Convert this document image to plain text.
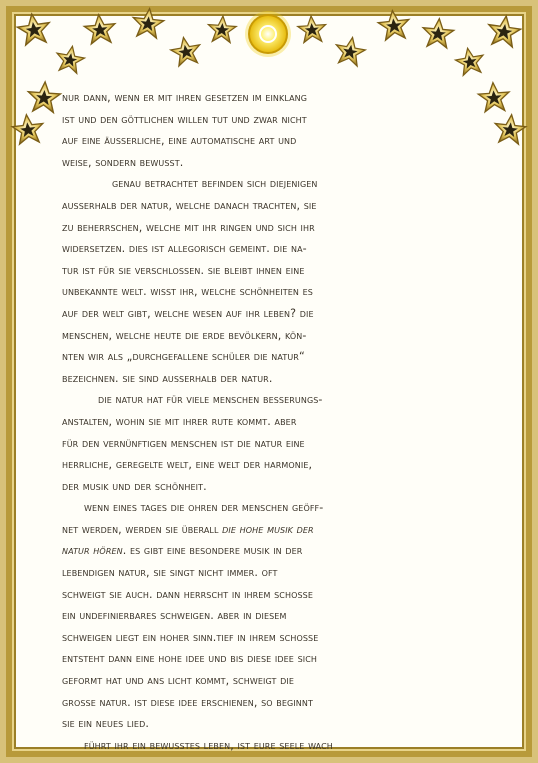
nur dann, wenn er mit ihren gesetzen im einklang
ist und den göttlichen willen tut und zwar nicht
auf eine äusserliche, eine automatische art und
weise, sondern bewusst.

genau betrachtet befinden sich diejenigen
ausserhalb der natur, welche danach trachten, sie
zu beherrschen, welche mit ihr ringen und sich ihr
widersetzen. dies ist allegorisch gemeint. die na-
tur ist für sie verschlossen. sie bleibt ihnen eine
unbekannte welt. wisst ihr, welche schönheiten es
auf der welt gibt, welche wesen auf ihr leben? die
menschen, welche heute die erde bevölkern, kön-
nten wir als „durchgefallene schüler die natur“
bezeichnen. sie sind ausserhalb der natur.

die natur hat für viele menschen besserungs-
anstalten, wohin sie mit ihrer rute kommt. aber
für den vernünftigen menschen ist die natur eine
herrliche, geregelte welt, eine welt der harmonie,
der musik und der schönheit.

wenn eines tages die ohren der menschen geöff-
net werden, werden sie überall die hohe musik der
natur hören. es gibt eine besondere musik in der
lebendigen natur, sie singt nicht immer. oft
schweigt sie auch. dann herrscht in ihrem schosse
ein undefinierbares schweigen. aber in diesem
schweigen liegt ein hoher sinn.tief in ihrem schosse
entsteht dann eine hohe idee und bis diese idee sich
geformt hat und ans licht kommt, schweigt die
grosse natur. ist diese idee erschienen, so beginnt
sie ein neues lied.

führt ihr ein bewusstes leben, ist eure seele wach
